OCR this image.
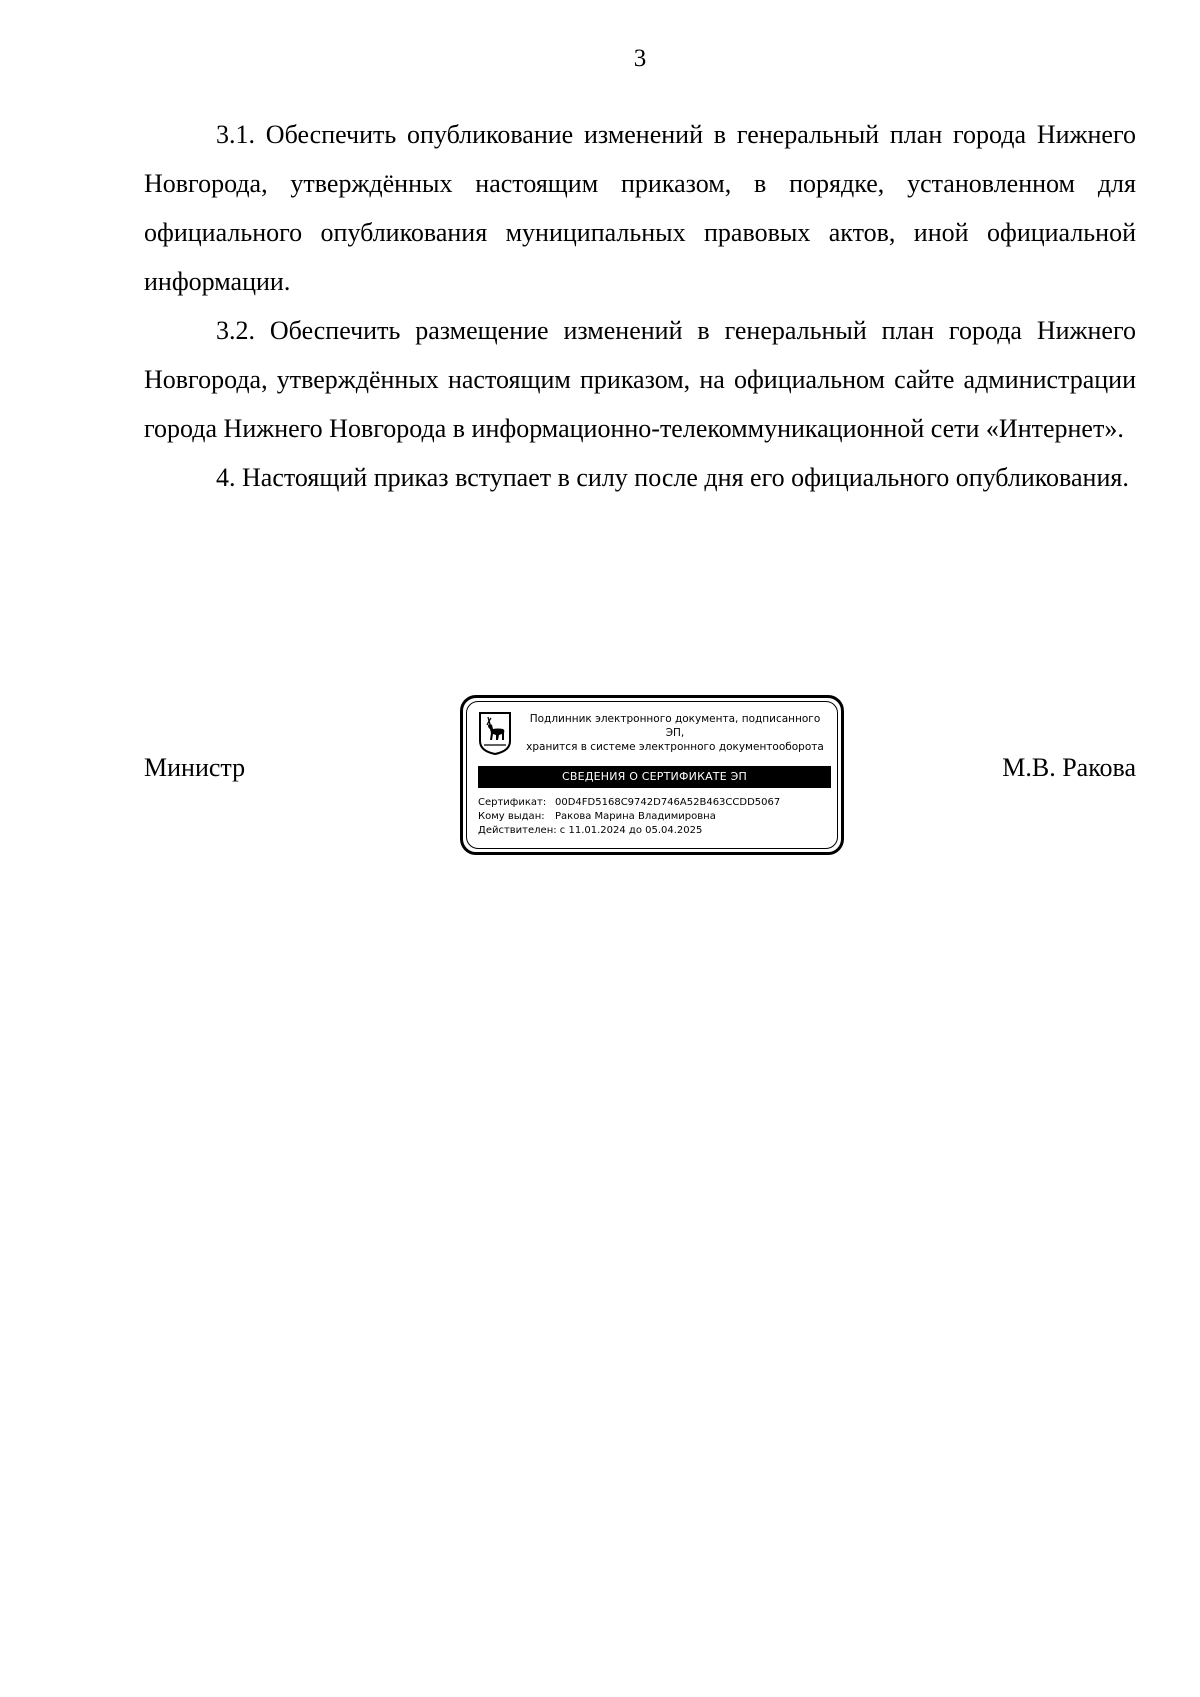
3

3.1. Обеспечить опубликование изменений в генеральный план города Нижнего Новгорода, утверждённых настоящим приказом, в порядке, установленном для официального опубликования муниципальных правовых актов, иной официальной информации.

3.2. Обеспечить размещение изменений в генеральный план города Нижнего Новгорода, утверждённых настоящим приказом, на официальном сайте администрации города Нижнего Новгорода в информационно-телекоммуникационной сети «Интернет».

4. Настоящий приказ вступает в силу после дня его официального опубликования.

Министр	М.В. Ракова
Подлинник электронного документа, подписанного ЭП,
хранится в системе электронного документооборота
СВЕДЕНИЯ О СЕРТИФИКАТЕ ЭП
Сертификат: 00D4FD5168C9742D746A52B463CCDD5067
Кому выдан: Ракова Марина Владимировна
Действителен: с 11.01.2024 до 05.04.2025
